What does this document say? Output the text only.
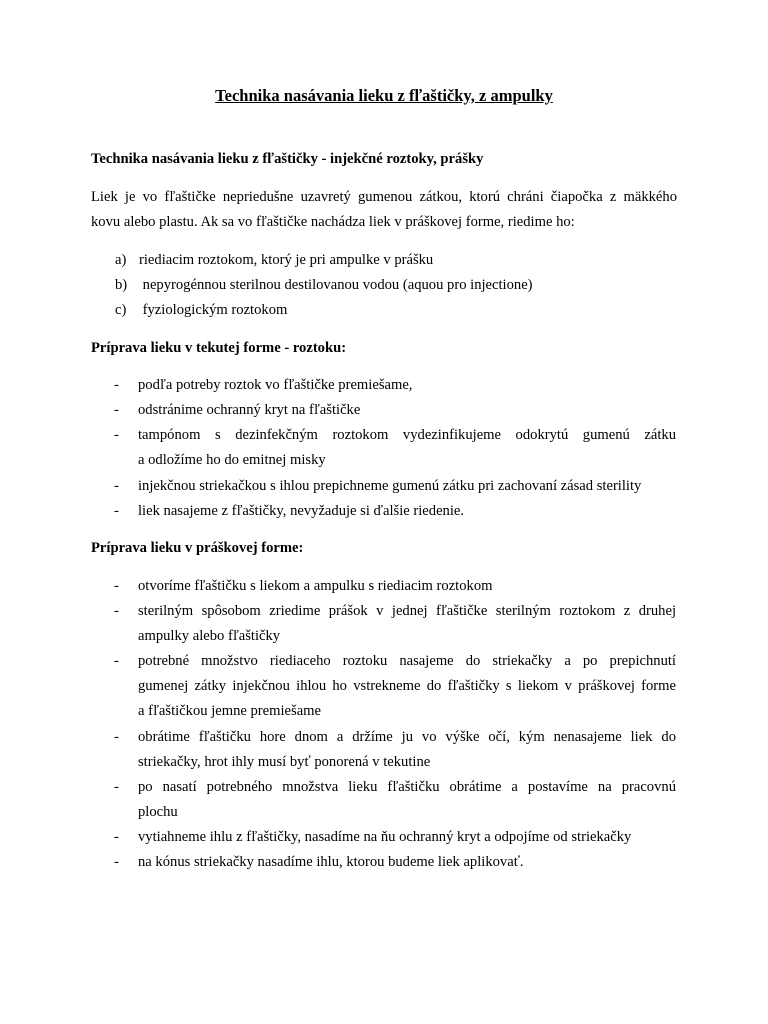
Technika nasávania lieku z fľaštičky, z ampulky
Technika nasávania lieku z fľaštičky - injekčné roztoky, prášky
Liek je vo fľaštičke nepriedušne uzavretý gumenou zátkou, ktorú chráni čiapočka z mäkkého
kovu alebo plastu. Ak sa vo fľaštičke nachádza liek v práškovej forme, riedime ho:
a) riediacim roztokom, ktorý je pri ampulke v prášku
b) nepyrogénnou sterilnou destilovanou vodou (aquou pro injectione)
c) fyziologickým roztokom
Príprava lieku v tekutej forme - roztoku:
- podľa potreby roztok vo fľaštičke premiešame,
- odstránime ochranný kryt na fľaštičke
- tampónom s dezinfekčným roztokom vydezinfikujeme odokrytú gumenú zátku
a odložíme ho do emitnej misky
- injekčnou striekačkou s ihlou prepichneme gumenú zátku pri zachovaní zásad sterility
- liek nasajeme z fľaštičky, nevyžaduje si ďalšie riedenie.
Príprava lieku v práškovej forme:
- otvoríme fľaštičku s liekom a ampulku s riediacim roztokom
- sterilným spôsobom zriedime prášok v jednej fľaštičke sterilným roztokom z druhej
ampulky alebo fľaštičky
- potrebné množstvo riediaceho roztoku nasajeme do striekačky a po prepichnutí
gumenej zátky injekčnou ihlou ho vstrekneme do fľaštičky s liekom v práškovej forme
a fľaštičkou jemne premiešame
- obrátime fľaštičku hore dnom a držíme ju vo výške očí, kým nenasajeme liek do
striekačky, hrot ihly musí byť ponorená v tekutine
- po nasatí potrebného množstva lieku fľaštičku obrátime a postavíme na pracovnú
plochu
- vytiahneme ihlu z fľaštičky, nasadíme na ňu ochranný kryt a odpojíme od striekačky
- na kónus striekačky nasadíme ihlu, ktorou budeme liek aplikovať.
